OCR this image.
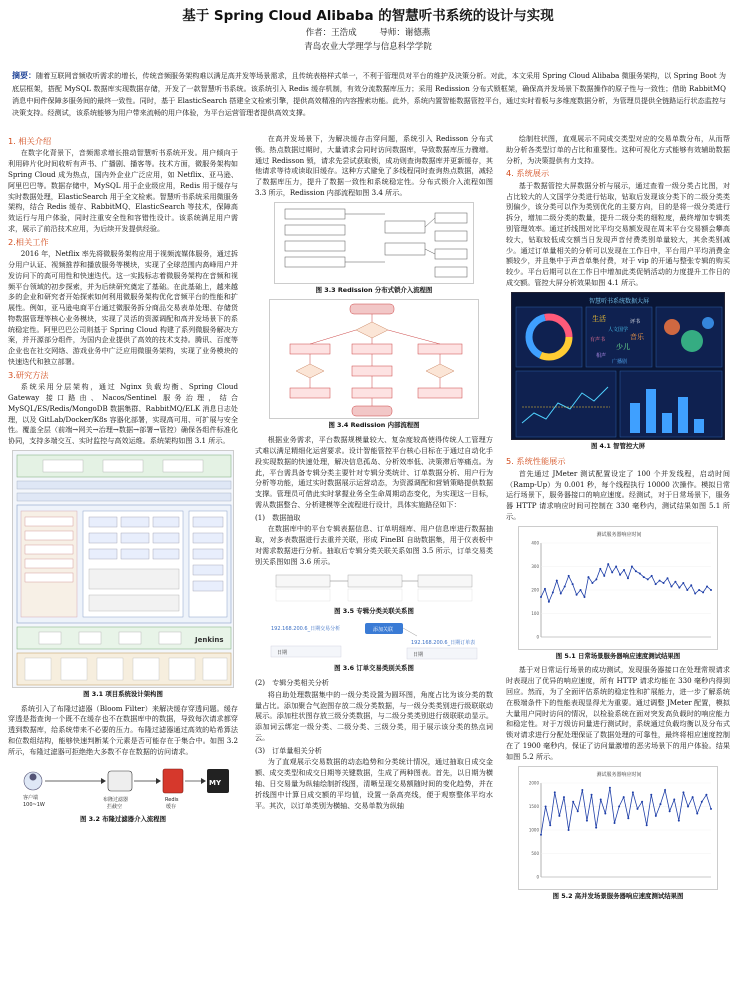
基于 Spring Cloud Alibaba 的智慧听书系统的设计与实现
作者：王浩成	导师：谢德燕
青岛农业大学理学与信息科学学院
摘要：随着互联网音频收听需求的增长，传统音频服务架构难以满足高并发等场景需求，且传统表格样式单一，不利于管理员对平台的维护及决策分析。对此，本文采用 Spring Cloud Alibaba 微服务架构，以 Spring Boot 为底层框架，搭配 MySQL 数据库实现数据存储，开发了一款智慧听书系统。该系统引入 Redis 缓存机制，有效分流数据库压力；采用 Redission 分布式锁框架，确保高并发场景下数据操作的原子性与一致性；借助 RabbitMQ 消息中间件保障多服务间的最终一致性。同时，基于 ElasticSearch 搭建全文检索引擎，提供高效精准的内容搜索功能。此外，系统内置智能数据管控平台，通过实时看板与多维度数据分析，为管理员提供全链路运行状态监控与决策支持。经测试，该系统能够为用户带来流畅的用户体验，为平台运营管理者提供高效支撑。
1. 相关介绍
在数字化背景下，音频需求增长推动智慧听书系统开发。用户倾向于利用碎片化时间收听有声书、广播剧、播客等。技术方面，微服务架构如 Spring Cloud 成为热点，国内外企业广泛应用，如 Netflix、亚马逊、阿里巴巴等。数据存储中，MySQL 用于企业级应用，Redis 用于缓存与实时数据处理，ElasticSearch 用于全文检索。智慧听书系统采用微服务架构，结合 Redis 缓存、RabbitMQ、ElasticSearch 等技术，保障高效运行与用户体验，同时注重安全性和容错性设计。该系统满足用户需求，展示了前沿技术应用，为后续开发提供经验。
2.相关工作
2016 年，Netflix 率先将微服务架构应用于视频流媒体服务，通过拆分用户认证、视频推荐和播放服务等模块，实现了全球范围内高峰用户并发访问下的高可用性和快速迭代。这一实践标志着微服务架构在音频和视频平台领域的初步探索，并为后续研究奠定了基础。在此基础上，越来越多的企业和研究者开始探索如何利用微服务架构优化音频平台的性能和扩展性。例如，亚马逊电商平台通过微服务拆分商品交易表单处理、存储货物数据管理等核心业务模块，实现了灵活的资源调配和高并发场景下的系统稳定性。阿里巴巴公司则基于 Spring Cloud 构建了系列微服务解决方案，并开源部分组件，为国内企业提供了高效的技术支持。腾讯、百度等企业也在社交网络、游戏业务中广泛应用微服务架构，实现了业务模块的快速迭代和独立部署。
3.研究方法
系统采用分层架构，通过 Nginx 负载均衡、Spring Cloud Gateway 接口路由、Nacos/Sentinel 服务治理，结合 MySQL/ES/Redis/MongoDB 数据集群、RabbitMQ/ELK 消息日志处理，以及 GitLab/Docker/K8s 容器化部署，实现高可用、可扩展与安全性。覆盖全层（前端→网关→治理→数据→部署→管控）确保各组件标准化协同，支持多端交互、实时监控与高效运维。系统架构如图 3.1 所示。
Jenkins
图 3.1 项目系统设计架构图
系统引入了布隆过滤器（Bloom Filter）来解决缓存穿透问题。缓存穿透是指查询一个既不在缓存也不在数据库中的数据，导致每次请求都穿透到数据库，给系统带来不必要的压力。布隆过滤器通过高效的哈希算法和位数组结构，能够快速判断某个元素是否可能存在于集合中。如图 3.2 所示，布隆过滤器可拒绝绝大多数不存在数据的访问请求。
客户端
100~1W
布隆过滤器
拦截空
Redis
缓存
MY
图 3.2 布隆过滤器介入流程图
在高并发场景下，为解决缓存击穿问题，系统引入 Redisson 分布式锁。热点数据过期时，大量请求会同时访问数据库，导致数据库压力骤增。通过 Redisson 锁，请求先尝试获取锁，成功则查询数据库并更新缓存，其他请求等待或读取旧缓存。这种方式避免了多线程同时查询热点数据，减轻了数据库压力，提升了数据一致性和系统稳定性。分布式锁介入流程如图 3.3 所示，Redission 内部流程如图 3.4 所示。
图 3.3 Redission 分布式锁介入流程图
图 3.4 Redission 内部流程图
根据业务需求，平台数据规模量较大、复杂度较高使得传统人工管理方式难以满足精细化运营要求。设计智能管控平台核心目标在于通过自动化手段实现数据的快速处理，解决信息孤岛、分析效率低、决策滞后等痛点。为此，平台需具备专辑分类主要针对专辑分类统计、订单数据分析、用户行为分析等功能，通过实时数据展示运营动态，为资源调配和营销策略提供数据支撑。管理员可借此实时掌握业务全生命周期动态变化，为实现这一目标，需从数据整合、分析建模等全流程进行设计，具体实施路径如下：
(1)　数据抽取
在数据库中的平台专辑表据信息、订单明细库、用户信息库进行数据抽取，对多表数据进行去重并关联，形成 FineBI 自助数据集，用于仪表板中对需求数据进行分析。抽取后专辑分类关联关系如图 3.5 所示，订单交易类别关系图如图 3.6 所示。
图 3.5 专辑分类关联关系图
192.168.200.6_日期交易分析	添加关联
192.168.200.6_日期订单表
日期	日期
图 3.6 订单交易类别关系图
(2)　专辑分类相关分析
将自助处理数据集中的一级分类设置为圆环图，角度占比为该分类的数量占比。添加聚合气泡图存放二级分类数据，与一级分类类别进行级联联动展示。添加柱状图存放三级分类数据，与二级分类类别进行级联联动显示。添加词云绑定一级分类、二级分类、三级分类，用于展示该分类的热点词云。
(3)　订单量相关分析
为了直观展示交易数据的动态趋势和分类统计情况，通过抽取日成交金额、成交类型和成交日期等关键数据，生成了两种图表。首先，以日期为横轴、日交易量为纵轴绘制折线图，清晰呈现交易额随时间的变化趋势，并在折线图中计算日成交额的平均值，设置一条高亮线，便于观察整体平均水平。其次，以订单类别为横轴、交易单数为纵轴
绘制柱状图，直观展示不同成交类型对应的交易单数分布，从而帮助分析各类型订单的占比和重要性。这种可视化方式能够有效辅助数据分析，为决策提供有力支持。
4. 系统展示
基于数据管控大屏数据分析与展示，通过查看一级分类占比图，对占比较大的人文国学分类进行钻取，钻取后发现该分类下的二级分类类别偏少，该分类可以作为类别优化的主要方向，目的是将一级分类进行拆分，增加二级分类的数量，提升二级分类的细粒度，最终增加专辑类别管理效率。通过折线图对比平均交易额发现在周末平台交易额会攀高较大，钻取较低成交额当日发现声音付费类别单量较大，其余类别减少。通过订单量相关的分析可以发现在工作日中，平台用户平均消费金额较少，并且集中于声音单集付费，对于 vip 的开通与整张专辑的购买较少。平台后期可以在工作日中增加此类促销活动的力度提升工作日的成交额。管控大屏分析效果如图 4.1 所示。
智慧听书系统数据大屏
生活
人文国学
有声书
少儿
相声
评书
音乐
广播剧
图 4.1 智管控大屏
5. 系统性能展示
首先通过 JMeter 测试配置设定了 100 个并发线程，启动时间（Ramp-Up）为 0.001 秒，每个线程执行 10000 次操作。模拟日常运行场景下，服务器接口的响应速度。经测试，对于日常场景下，服务器 HTTP 请求响应时间可控制在 330 毫秒内，测试结果如图 5.1 所示。
测试服务器响应时间
0
100
200
300
400
图 5.1 日常场景服务器响应速度测试结果图
基于对日常运行场景的成功测试，发现服务器接口在处理常规请求时表现出了优异的响应速度，所有 HTTP 请求均能在 330 毫秒内得到回应。然而，为了全面评估系统的稳定性和扩展能力，进一步了解系统在极端条件下的性能表现显得尤为重要。通过调整 JMeter 配置，模拟大量用户同时访问的情况，以检验系统在面对突发高负载时的响应能力和稳定性。对于万级访问量进行测试时，系统通过负载均衡以及分布式锁对请求进行分配处理保证了数据处理的可靠性，最终将相应速度控制在了 1900 毫秒内，保证了访问量激增的恶劣场景下的用户体验。结果如图 5.2 所示。
测试服务器响应时间
0
500
1000
1500
2000
图 5.2 高并发场景服务器响应速度测试结果图
